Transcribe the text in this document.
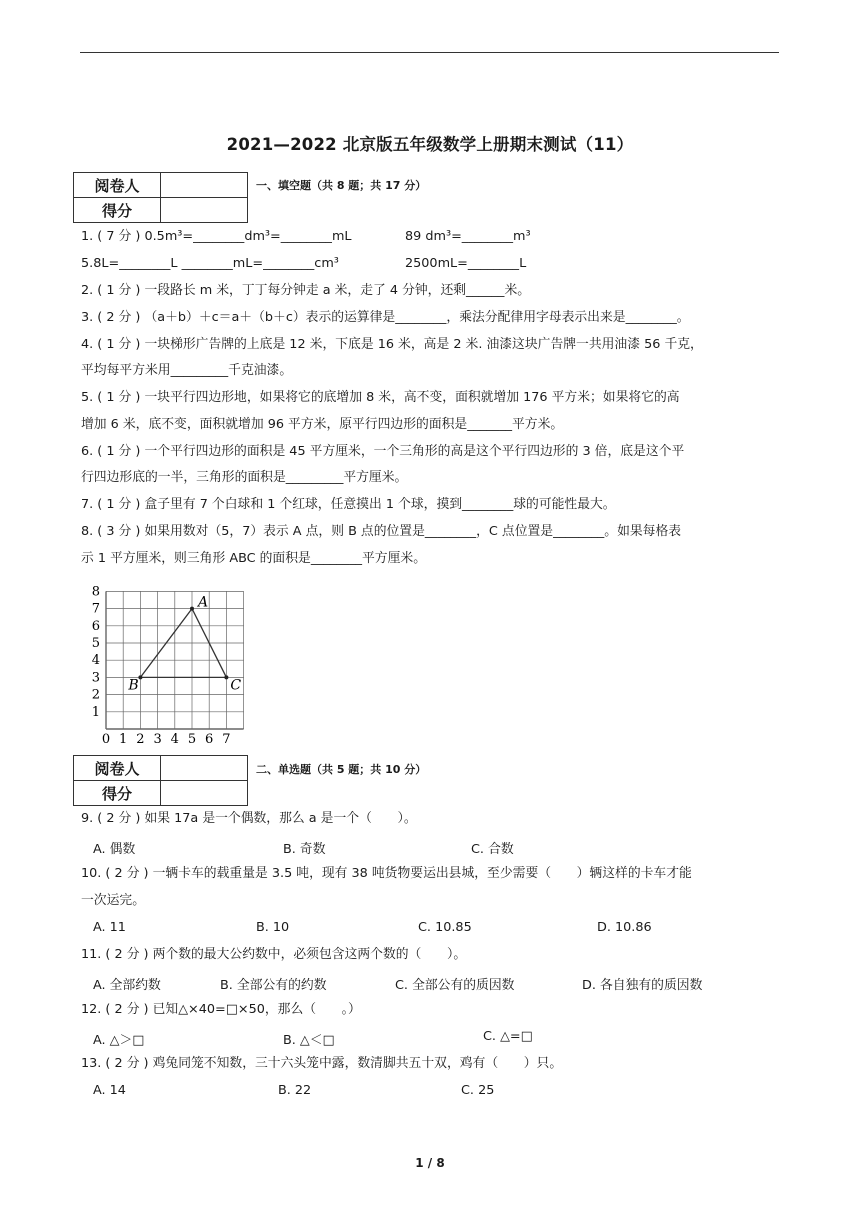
2021—2022 北京版五年级数学上册期末测试（11）
阅卷人	
得分	
一、填空题（共 8 题；共 17 分）
1. ( 7 分 ) 0.5m³=________dm³=________mL	89 dm³=________m³
5.8L=________L ________mL=________cm³	2500mL=________L
2. ( 1 分 ) 一段路长 m 米，丁丁每分钟走 a 米，走了 4 分钟，还剩______米。
3. ( 2 分 ) （a＋b）＋c＝a＋（b＋c）表示的运算律是________，乘法分配律用字母表示出来是________。
4. ( 1 分 ) 一块梯形广告牌的上底是 12 米，下底是 16 米，高是 2 米. 油漆这块广告牌一共用油漆 56 千克，
平均每平方米用_________千克油漆。
5. ( 1 分 ) 一块平行四边形地，如果将它的底增加 8 米，高不变，面积就增加 176 平方米；如果将它的高
增加 6 米，底不变，面积就增加 96 平方米，原平行四边形的面积是_______平方米。
6. ( 1 分 ) 一个平行四边形的面积是 45 平方厘米，一个三角形的高是这个平行四边形的 3 倍，底是这个平
行四边形底的一半，三角形的面积是_________平方厘米。
7. ( 1 分 ) 盒子里有 7 个白球和 1 个红球，任意摸出 1 个球，摸到________球的可能性最大。
8. ( 3 分 ) 如果用数对（5，7）表示 A 点，则 B 点的位置是________，C 点位置是________。如果每格表
示 1 平方厘米，则三角形 ABC 的面积是________平方厘米。
0 1 2 3 4 5 6 7
1
2
3
4
5
6
7
8
A
B	C
阅卷人	
得分	
二、单选题（共 5 题；共 10 分）
9. ( 2 分 ) 如果 17a 是一个偶数，那么 a 是一个（　　）。
A. 偶数	B. 奇数	C. 合数
10. ( 2 分 ) 一辆卡车的载重量是 3.5 吨，现有 38 吨货物要运出县城，至少需要（　　）辆这样的卡车才能
一次运完。
A. 11	B. 10	C. 10.85	D. 10.86
11. ( 2 分 ) 两个数的最大公约数中，必须包含这两个数的（　　）。
A. 全部约数	B. 全部公有的约数	C. 全部公有的质因数	D. 各自独有的质因数
12. ( 2 分 ) 已知△×40=□×50，那么（　　。）
A. △＞□	B. △＜□	C. △=□
13. ( 2 分 ) 鸡兔同笼不知数，三十六头笼中露，数清脚共五十双，鸡有（　　）只。
A. 14	B. 22	C. 25
1 / 8
